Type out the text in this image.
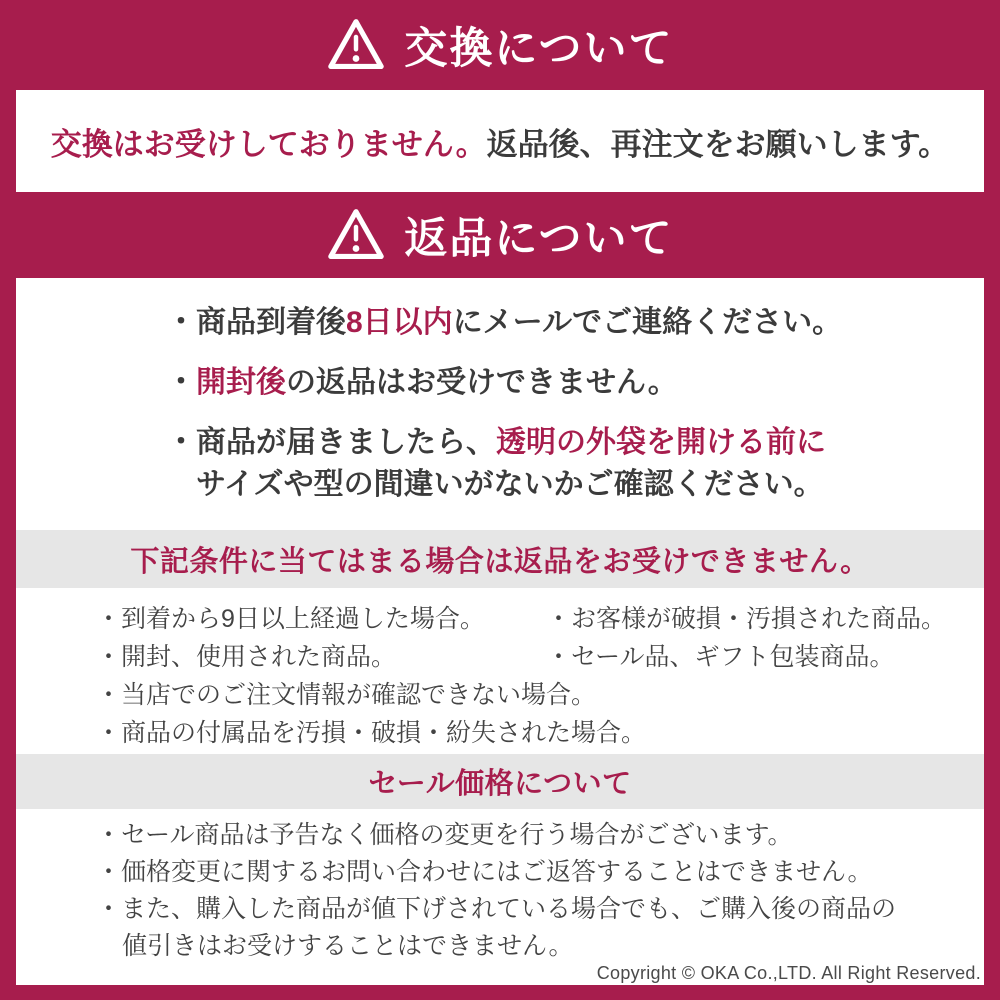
交換について
交換はお受けしておりません。 返品後、再注文をお願いします。
返品について
・商品到着後8日以内にメールでご連絡ください。
・開封後の返品はお受けできません。
・商品が届きましたら、透明の外袋を開ける前に
サイズや型の間違いがないかご確認ください。
下記条件に当てはまる場合は返品をお受けできません。
・到着から9日以上経過した場合。	・お客様が破損・汚損された商品。
・開封、使用された商品。	・セール品、ギフト包装商品。
・当店でのご注文情報が確認できない場合。
・商品の付属品を汚損・破損・紛失された場合。
セール価格について
・セール商品は予告なく価格の変更を行う場合がございます。
・価格変更に関するお問い合わせにはご返答することはできません。
・また、購入した商品が値下げされている場合でも、ご購入後の商品の
値引きはお受けすることはできません。
Copyright © OKA Co.,LTD. All Right Reserved.
